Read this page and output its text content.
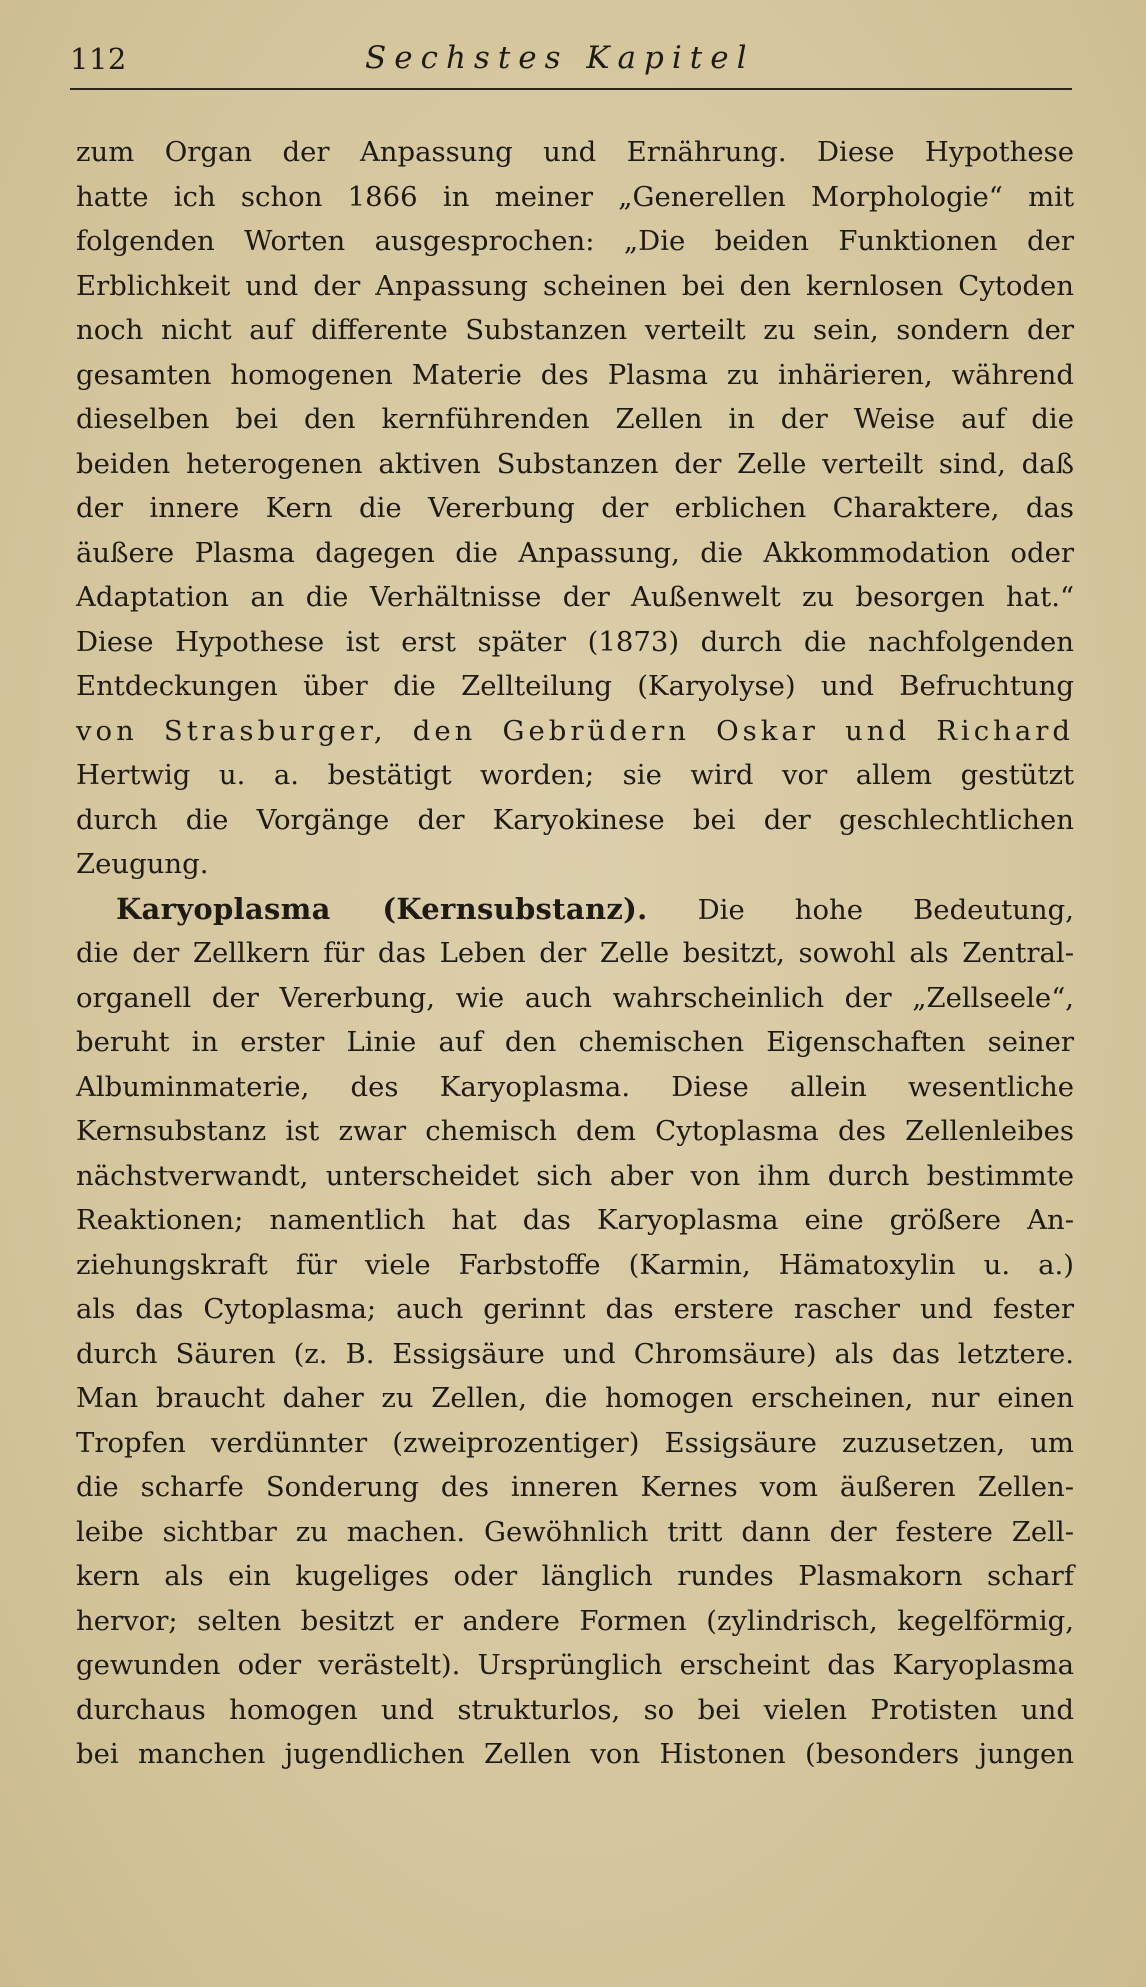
112	Sechstes Kapitel
zum Organ der Anpassung und Ernährung. Diese Hypothese
hatte ich schon 1866 in meiner „Generellen Morphologie“ mit
folgenden Worten ausgesprochen: „Die beiden Funktionen der
Erblichkeit und der Anpassung scheinen bei den kernlosen Cytoden
noch nicht auf differente Substanzen verteilt zu sein, sondern der
gesamten homogenen Materie des Plasma zu inhärieren, während
dieselben bei den kernführenden Zellen in der Weise auf die
beiden heterogenen aktiven Substanzen der Zelle verteilt sind, daß
der innere Kern die Vererbung der erblichen Charaktere, das
äußere Plasma dagegen die Anpassung, die Akkommodation oder
Adaptation an die Verhältnisse der Außenwelt zu besorgen hat.“
Diese Hypothese ist erst später (1873) durch die nachfolgenden
Entdeckungen über die Zellteilung (Karyolyse) und Befruchtung
von Strasburger, den Gebrüdern Oskar und Richard
Hertwig u. a. bestätigt worden; sie wird vor allem gestützt
durch die Vorgänge der Karyokinese bei der geschlechtlichen
Zeugung.
Karyoplasma (Kernsubstanz). Die hohe Bedeutung,
die der Zellkern für das Leben der Zelle besitzt, sowohl als Zentral-
organell der Vererbung, wie auch wahrscheinlich der „Zellseele“,
beruht in erster Linie auf den chemischen Eigenschaften seiner
Albuminmaterie, des Karyoplasma. Diese allein wesentliche
Kernsubstanz ist zwar chemisch dem Cytoplasma des Zellenleibes
nächstverwandt, unterscheidet sich aber von ihm durch bestimmte
Reaktionen; namentlich hat das Karyoplasma eine größere An-
ziehungskraft für viele Farbstoffe (Karmin, Hämatoxylin u. a.)
als das Cytoplasma; auch gerinnt das erstere rascher und fester
durch Säuren (z. B. Essigsäure und Chromsäure) als das letztere.
Man braucht daher zu Zellen, die homogen erscheinen, nur einen
Tropfen verdünnter (zweiprozentiger) Essigsäure zuzusetzen, um
die scharfe Sonderung des inneren Kernes vom äußeren Zellen-
leibe sichtbar zu machen. Gewöhnlich tritt dann der festere Zell-
kern als ein kugeliges oder länglich rundes Plasmakorn scharf
hervor; selten besitzt er andere Formen (zylindrisch, kegelförmig,
gewunden oder verästelt). Ursprünglich erscheint das Karyoplasma
durchaus homogen und strukturlos, so bei vielen Protisten und
bei manchen jugendlichen Zellen von Histonen (besonders jungen
